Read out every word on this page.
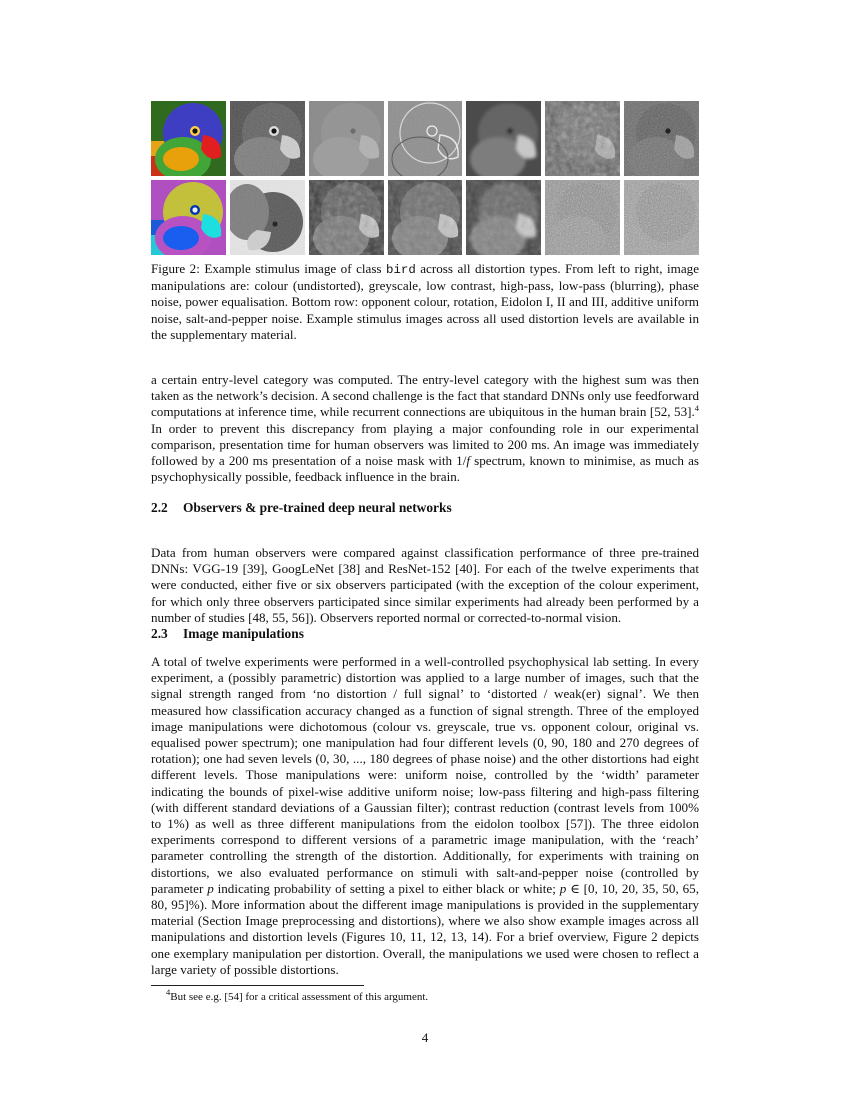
Figure 2: Example stimulus image of class bird across all distortion types. From left to right, image manipulations are: colour (undistorted), greyscale, low contrast, high-pass, low-pass (blurring), phase noise, power equalisation. Bottom row: opponent colour, rotation, Eidolon I, II and III, additive uniform noise, salt-and-pepper noise. Example stimulus images across all used distortion levels are available in the supplementary material.

a certain entry-level category was computed. The entry-level category with the highest sum was then taken as the network’s decision. A second challenge is the fact that standard DNNs only use feedforward computations at inference time, while recurrent connections are ubiquitous in the human brain [52, 53].$^4$ In order to prevent this discrepancy from playing a major confounding role in our experimental comparison, presentation time for human observers was limited to 200 ms. An image was immediately followed by a 200 ms presentation of a noise mask with 1/f spectrum, known to minimise, as much as psychophysically possible, feedback influence in the brain.

2.2 Observers & pre-trained deep neural networks

Data from human observers were compared against classification performance of three pre-trained DNNs: VGG-19 [39], GoogLeNet [38] and ResNet-152 [40]. For each of the twelve experiments that were conducted, either five or six observers participated (with the exception of the colour experiment, for which only three observers participated since similar experiments had already been performed by a number of studies [48, 55, 56]). Observers reported normal or corrected-to-normal vision.

2.3 Image manipulations

A total of twelve experiments were performed in a well-controlled psychophysical lab setting. In every experiment, a (possibly parametric) distortion was applied to a large number of images, such that the signal strength ranged from ‘no distortion / full signal’ to ‘distorted / weak(er) signal’. We then measured how classification accuracy changed as a function of signal strength. Three of the employed image manipulations were dichotomous (colour vs. greyscale, true vs. opponent colour, original vs. equalised power spectrum); one manipulation had four different levels (0, 90, 180 and 270 degrees of rotation); one had seven levels (0, 30, ..., 180 degrees of phase noise) and the other distortions had eight different levels. Those manipulations were: uniform noise, controlled by the ‘width’ parameter indicating the bounds of pixel-wise additive uniform noise; low-pass filtering and high-pass filtering (with different standard deviations of a Gaussian filter); contrast reduction (contrast levels from 100% to 1%) as well as three different manipulations from the eidolon toolbox [57]). The three eidolon experiments correspond to different versions of a parametric image manipulation, with the ‘reach’ parameter controlling the strength of the distortion. Additionally, for experiments with training on distortions, we also evaluated performance on stimuli with salt-and-pepper noise (controlled by parameter p indicating probability of setting a pixel to either black or white; p ∈ [0, 10, 20, 35, 50, 65, 80, 95]%). More information about the different image manipulations is provided in the supplementary material (Section Image preprocessing and distortions), where we also show example images across all manipulations and distortion levels (Figures 10, 11, 12, 13, 14). For a brief overview, Figure 2 depicts one exemplary manipulation per distortion. Overall, the manipulations we used were chosen to reflect a large variety of possible distortions.

$^4$But see e.g. [54] for a critical assessment of this argument.
4
